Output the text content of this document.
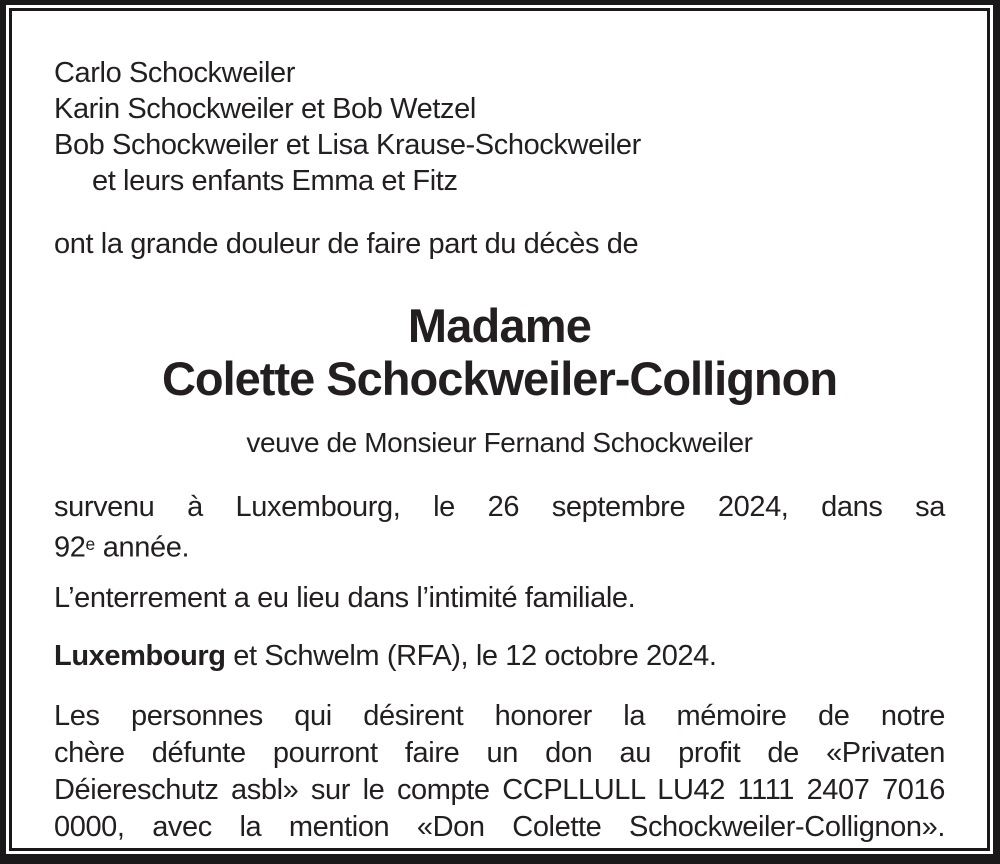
Carlo Schockweiler
Karin Schockweiler et Bob Wetzel
Bob Schockweiler et Lisa Krause-Schockweiler
et leurs enfants Emma et Fitz
ont la grande douleur de faire part du décès de
Madame
Colette Schockweiler-Collignon
veuve de Monsieur Fernand Schockweiler

survenu à Luxembourg, le 26 septembre 2024, dans sa
92e année.

L’enterrement a eu lieu dans l’intimité familiale.

Luxembourg et Schwelm (RFA), le 12 octobre 2024.

Les personnes qui désirent honorer la mémoire de notre
chère défunte pourront faire un don au profit de «Privaten
Déiereschutz asbl» sur le compte CCPLLULL LU42 1111 2407 7016
0000, avec la mention «Don Colette Schockweiler-Collignon».
